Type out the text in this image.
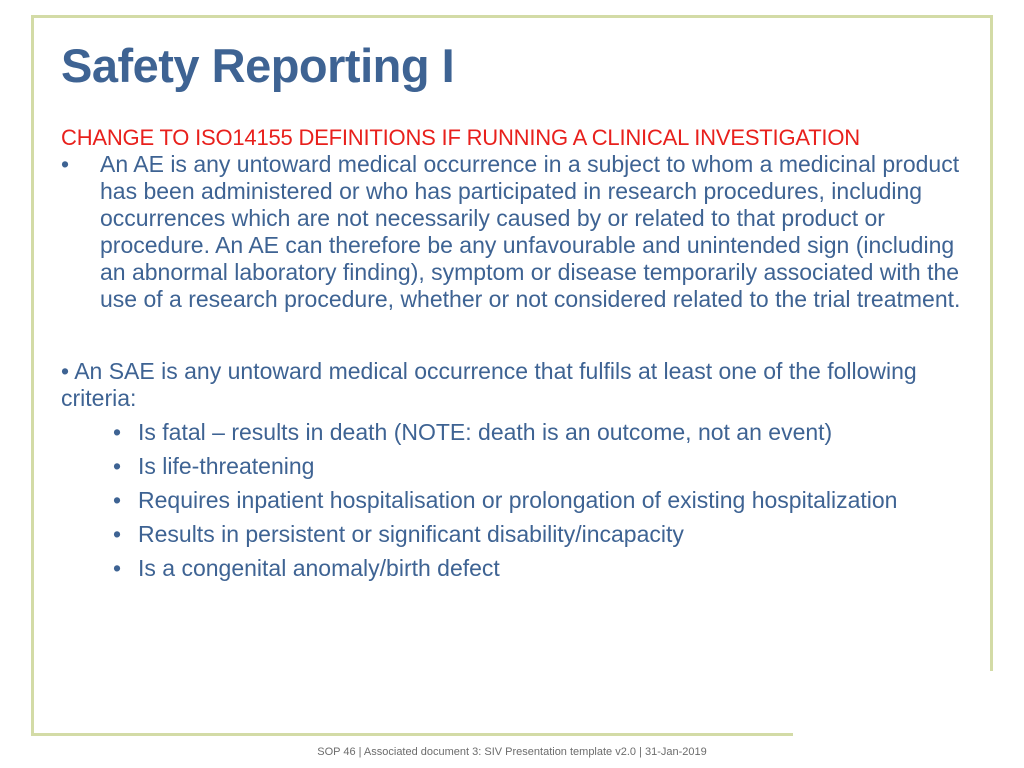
Safety Reporting I
CHANGE TO ISO14155 DEFINITIONS IF RUNNING A CLINICAL INVESTIGATION
• An AE is any untoward medical occurrence in a subject to whom a medicinal product has been administered or who has participated in research procedures, including occurrences which are not necessarily caused by or related to that product or procedure. An AE can therefore be any unfavourable and unintended sign (including an abnormal laboratory finding), symptom or disease temporarily associated with the use of a research procedure, whether or not considered related to the trial treatment.
• An SAE is any untoward medical occurrence that fulfils at least one of the following criteria:
• Is fatal – results in death (NOTE: death is an outcome, not an event)
• Is life-threatening
• Requires inpatient hospitalisation or prolongation of existing hospitalization
• Results in persistent or significant disability/incapacity
• Is a congenital anomaly/birth defect
SOP 46 | Associated document 3: SIV Presentation template v2.0 | 31-Jan-2019
